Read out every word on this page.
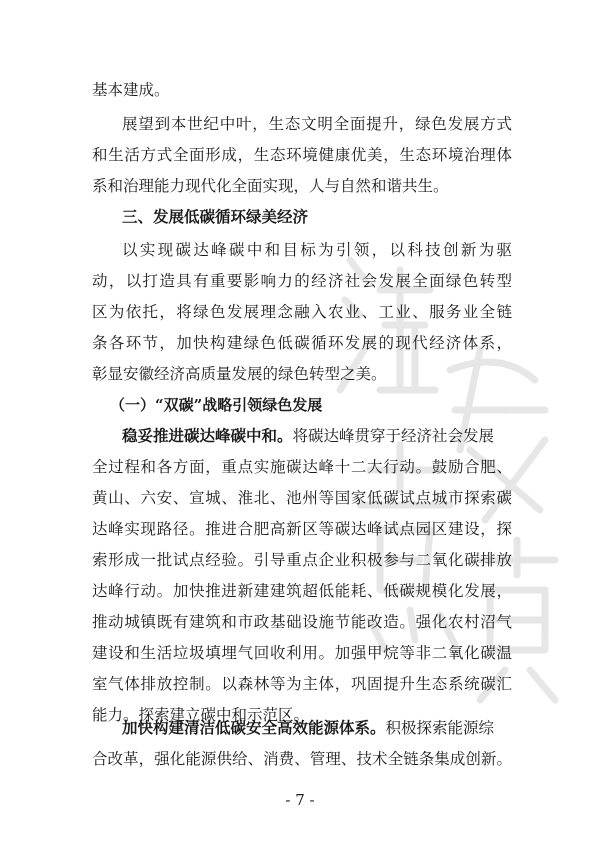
基本建成。
展望到本世纪中叶，生态文明全面提升，绿色发展方式
和生活方式全面形成，生态环境健康优美，生态环境治理体
系和治理能力现代化全面实现，人与自然和谐共生。
三、发展低碳循环绿美经济
以实现碳达峰碳中和目标为引领，以科技创新为驱
动，以打造具有重要影响力的经济社会发展全面绿色转型
区为依托，将绿色发展理念融入农业、工业、服务业全链
条各环节，加快构建绿色低碳循环发展的现代经济体系，
彰显安徽经济高质量发展的绿色转型之美。
（一）“双碳”战略引领绿色发展
稳妥推进碳达峰碳中和。将碳达峰贯穿于经济社会发展
全过程和各方面，重点实施碳达峰十二大行动。鼓励合肥、
黄山、六安、宣城、淮北、池州等国家低碳试点城市探索碳
达峰实现路径。推进合肥高新区等碳达峰试点园区建设，探
索形成一批试点经验。引导重点企业积极参与二氧化碳排放
达峰行动。加快推进新建建筑超低能耗、低碳规模化发展，
推动城镇既有建筑和市政基础设施节能改造。强化农村沼气
建设和生活垃圾填埋气回收利用。加强甲烷等非二氧化碳温
室气体排放控制。以森林等为主体，巩固提升生态系统碳汇
能力。探索建立碳中和示范区。
加快构建清洁低碳安全高效能源体系。积极探索能源综
合改革，强化能源供给、消费、管理、技术全链条集成创新。
- 7 -
